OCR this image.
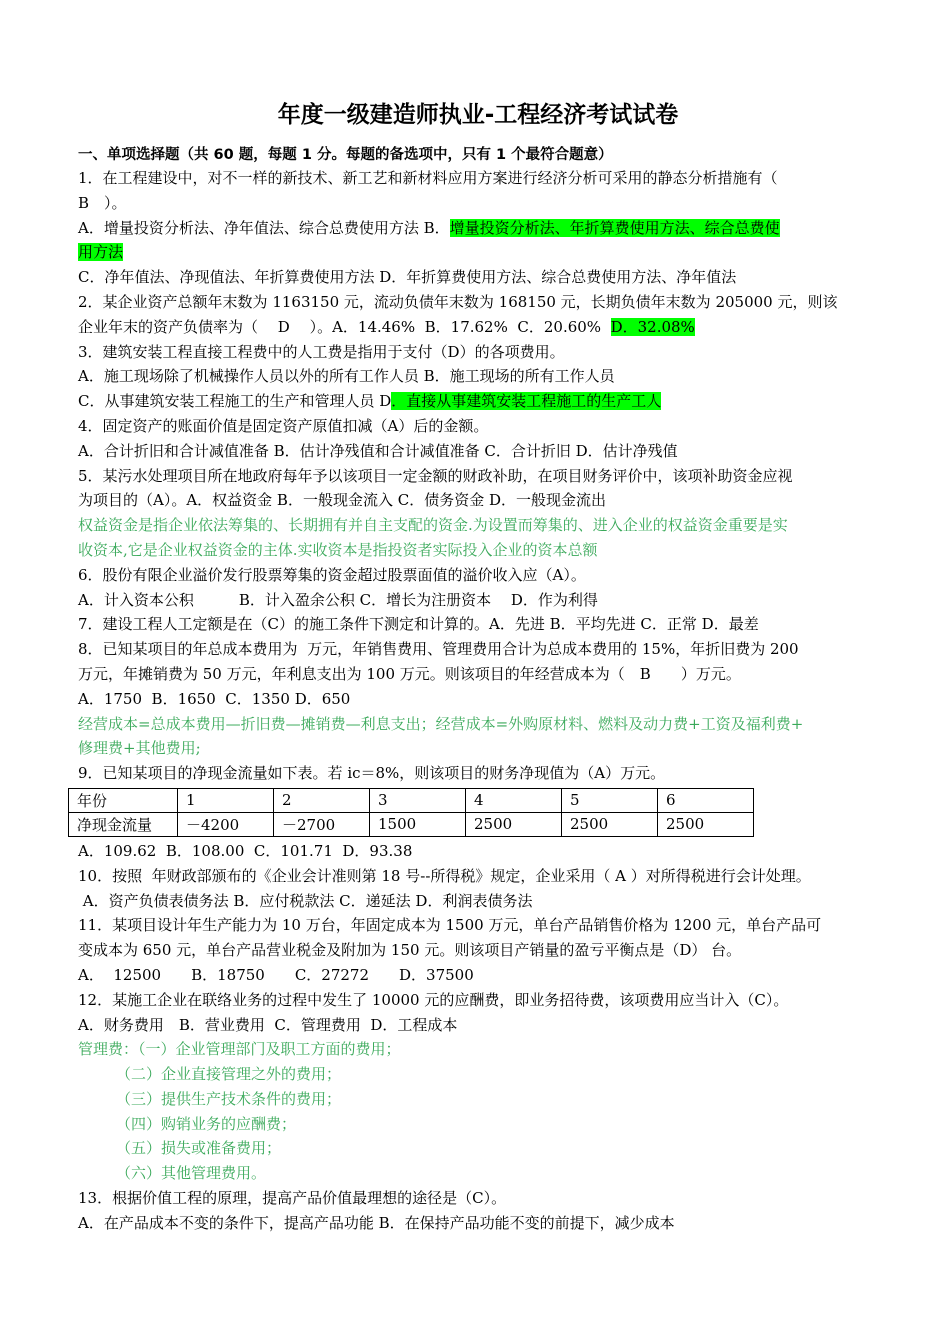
年度一级建造师执业-工程经济考试试卷
一、单项选择题（共 60 题，每题 1 分。每题的备选项中，只有 1 个最符合题意）
1．在工程建设中，对不一样的新技术、新工艺和新材料应用方案进行经济分析可采用的静态分析措施有（
B　）。
A．增量投资分析法、净年值法、综合总费使用方法 B．增量投资分析法、年折算费使用方法、综合总费使
用方法
C．净年值法、净现值法、年折算费使用方法 D．年折算费使用方法、综合总费使用方法、净年值法
2．某企业资产总额年末数为 1163150 元，流动负债年末数为 168150 元，长期负债年末数为 205000 元，则该
企业年末的资产负债率为（　 D　 ）。A．14.46%  B．17.62%  C．20.60%  D．32.08%
3．建筑安装工程直接工程费中的人工费是指用于支付（D）的各项费用。
A．施工现场除了机械操作人员以外的所有工作人员 B．施工现场的所有工作人员
C．从事建筑安装工程施工的生产和管理人员 D．直接从事建筑安装工程施工的生产工人
4．固定资产的账面价值是固定资产原值扣减（A）后的金额。
A．合计折旧和合计减值准备 B．估计净残值和合计减值准备 C．合计折旧 D．估计净残值
5．某污水处理项目所在地政府每年予以该项目一定金额的财政补助，在项目财务评价中，该项补助资金应视
为项目的（A）。A．权益资金 B．一般现金流入 C．债务资金 D．一般现金流出
权益资金是指企业依法筹集的、长期拥有并自主支配的资金.为设置而筹集的、进入企业的权益资金重要是实
收资本,它是企业权益资金的主体.实收资本是指投资者实际投入企业的资本总额
6．股份有限企业溢价发行股票筹集的资金超过股票面值的溢价收入应（A）。
A．计入资本公积　　　B．计入盈余公积 C．增长为注册资本　 D．作为利得
7．建设工程人工定额是在（C）的施工条件下测定和计算的。A．先进 B．平均先进 C．正常 D．最差
8．已知某项目的年总成本费用为  万元，年销售费用、管理费用合计为总成本费用的 15%，年折旧费为 200
万元，年摊销费为 50 万元，年利息支出为 100 万元。则该项目的年经营成本为（　B　　）万元。
A．1750  B．1650  C．1350 D．650
经营成本=总成本费用—折旧费—摊销费—利息支出；经营成本=外购原材料、燃料及动力费+工资及福利费+
修理费+其他费用;
9．已知某项目的净现金流量如下表。若 ic＝8%，则该项目的财务净现值为（A）万元。
年份	1	2	3	4	5	6
净现金流量	－4200	－2700	1500	2500	2500	2500
A．109.62  B．108.00  C．101.71  D．93.38
10．按照  年财政部颁布的《企业会计准则第 18 号--所得税》规定，企业采用（ A ）对所得税进行会计处理。
A．资产负债表债务法 B．应付税款法 C．递延法 D．利润表债务法
11．某项目设计年生产能力为 10 万台，年固定成本为 1500 万元，单台产品销售价格为 1200 元，单台产品可
变成本为 650 元，单台产品营业税金及附加为 150 元。则该项目产销量的盈亏平衡点是（D） 台。
A．  12500　　B．18750　　C．27272　　D．37500
12．某施工企业在联络业务的过程中发生了 10000 元的应酬费，即业务招待费，该项费用应当计入（C）。
A．财务费用　B．营业费用  C．管理费用  D．工程成本
管理费：（一）企业管理部门及职工方面的费用；
（二）企业直接管理之外的费用；
（三）提供生产技术条件的费用；
（四）购销业务的应酬费；
（五）损失或准备费用；
（六）其他管理费用。
13．根据价值工程的原理，提高产品价值最理想的途径是（C）。
A．在产品成本不变的条件下，提高产品功能 B．在保持产品功能不变的前提下，减少成本
